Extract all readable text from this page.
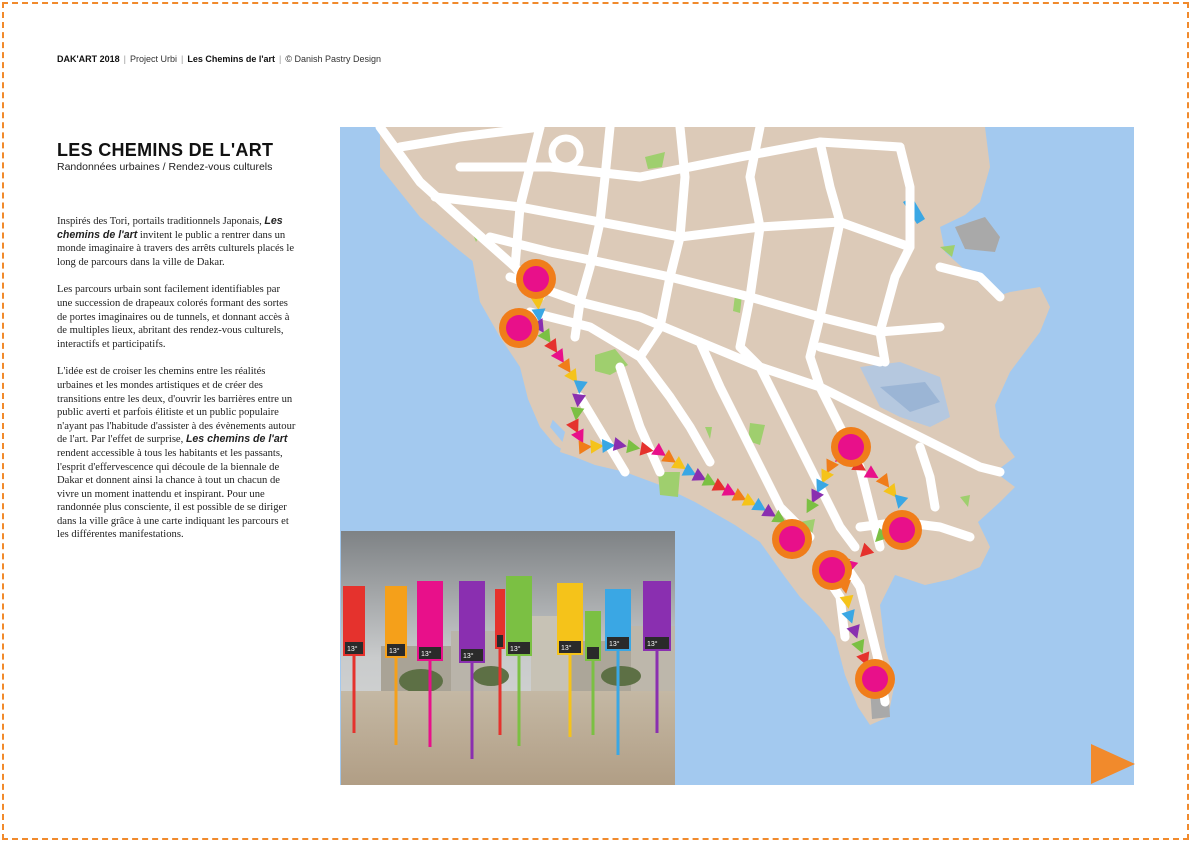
DAK'ART 2018 | Project Urbi | Les Chemins de l'art | © Danish Pastry Design
LES CHEMINS DE L'ART
Randonnées urbaines / Rendez-vous culturels

Inspirés des Tori, portails traditionnels Japonais, Les chemins de l'art invitent le public a rentrer dans un monde imaginaire à travers des arrêts culturels placés le long de parcours dans la ville de Dakar.

Les parcours urbain sont facilement identifiables par une succession de drapeaux colorés formant des sortes de portes imaginaires ou de tunnels, et donnant accès à de multiples lieux, abritant des rendez-vous culturels, interactifs et participatifs.

L'idée est de croiser les chemins entre les réalités urbaines et les mondes artistiques et de créer des transitions entre les deux, d'ouvrir les barrières entre un public averti et parfois élitiste et un public populaire n'ayant pas l'habitude d'assister à des évènements autour de l'art. Par l'effet de surprise, Les chemins de l'art rendent accessible à tous les habitants et les passants, l'esprit d'effervescence qui découle de la biennale de Dakar et donnent ainsi la chance à tout un chacun de vivre un moment inattendu et inspirant. Pour une randonnée plus consciente, il est possible de se diriger dans la ville grâce à une carte indiquant les parcours et les différentes manifestations.

13°	13°	13°	13°
13°	13°
13°	13°
